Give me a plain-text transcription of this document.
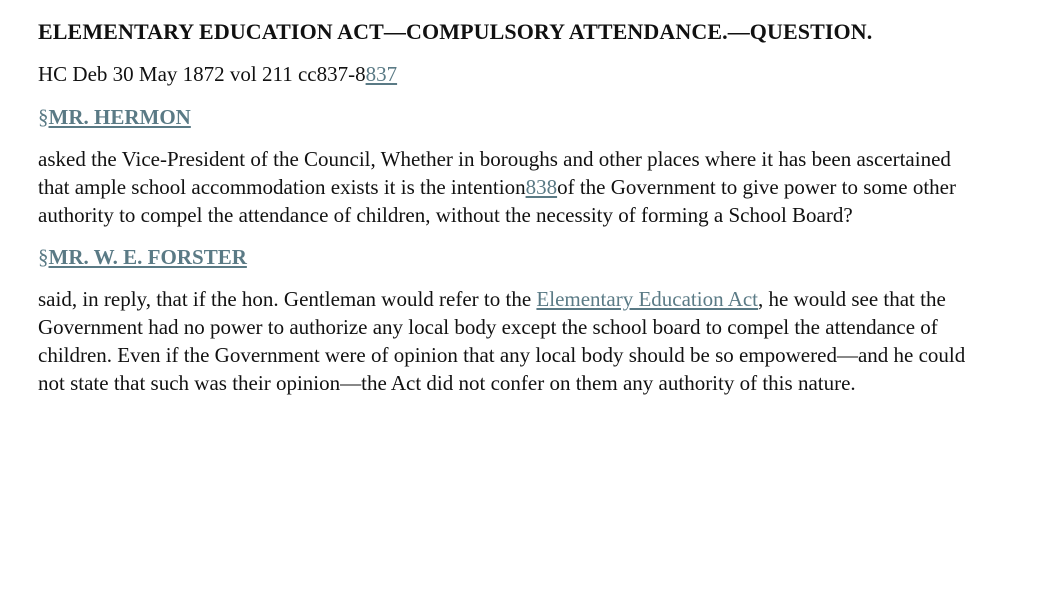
ELEMENTARY EDUCATION ACT—COMPULSORY ATTENDANCE.—QUESTION.

HC Deb 30 May 1872 vol 211 cc837-8837

§MR. HERMON

asked the Vice-President of the Council, Whether in boroughs and other places where it has been ascertained that ample school accommodation exists it is the intention838of the Government to give power to some other authority to compel the attendance of children, without the necessity of forming a School Board?

§MR. W. E. FORSTER

said, in reply, that if the hon. Gentleman would refer to the Elementary Education Act, he would see that the Government had no power to authorize any local body except the school board to compel the attendance of children. Even if the Government were of opinion that any local body should be so empowered—and he could not state that such was their opinion—the Act did not confer on them any authority of this nature.
